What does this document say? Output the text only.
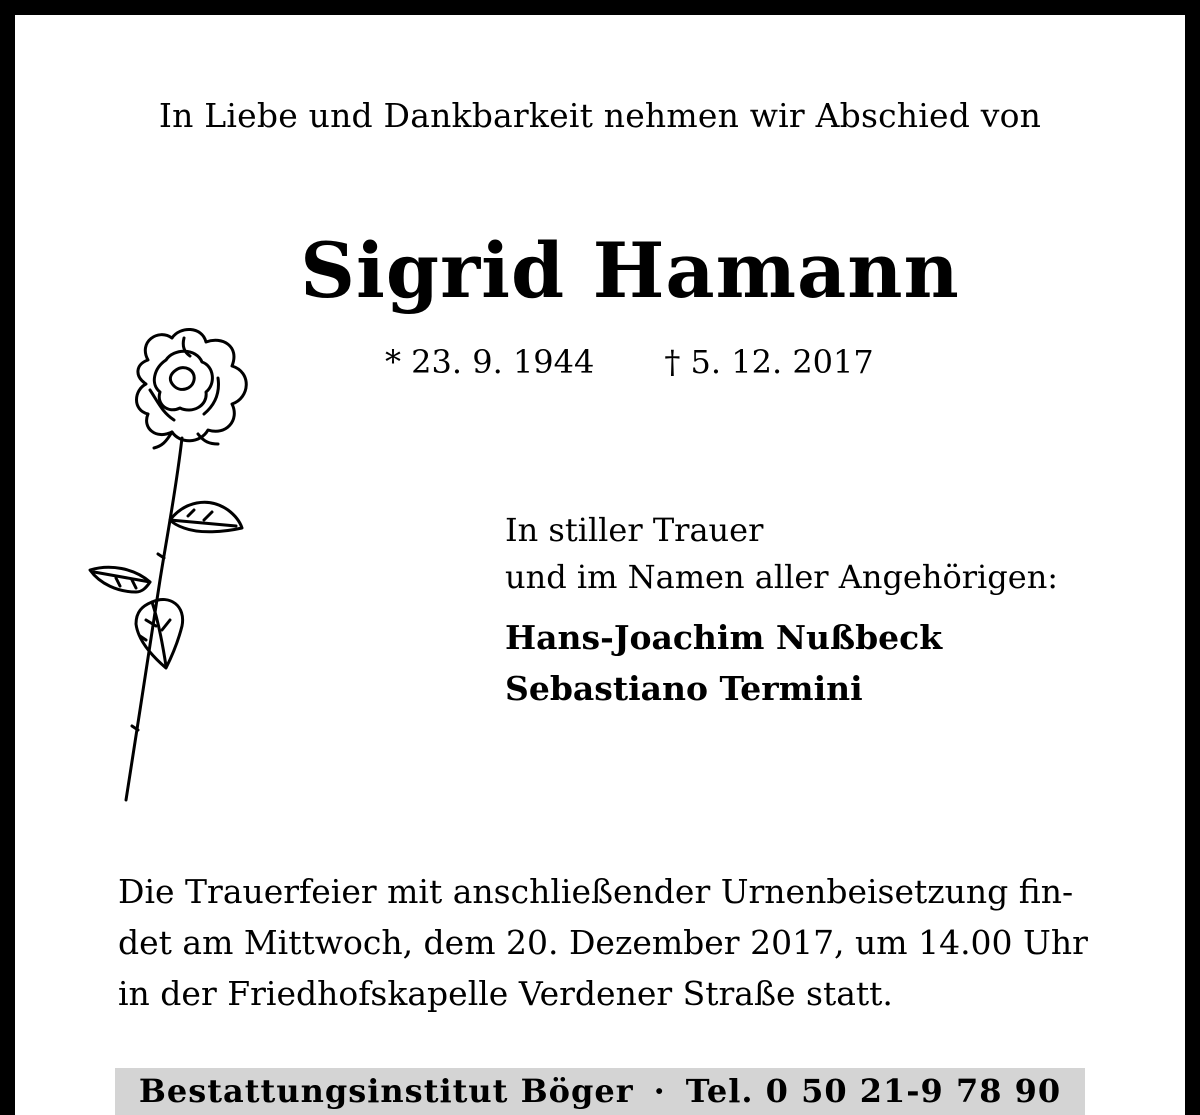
In Liebe und Dankbarkeit nehmen wir Abschied von
Sigrid Hamann
* 23. 9. 1944 † 5. 12. 2017
In stiller Trauer
und im Namen aller Angehörigen:
Hans-Joachim Nußbeck
Sebastiano Termini
Die Trauerfeier mit anschließender Urnenbeisetzung fin-
det am Mittwoch, dem 20. Dezember 2017, um 14.00 Uhr
in der Friedhofskapelle Verdener Straße statt.
Bestattungsinstitut Böger · Tel. 0 50 21-9 78 90
